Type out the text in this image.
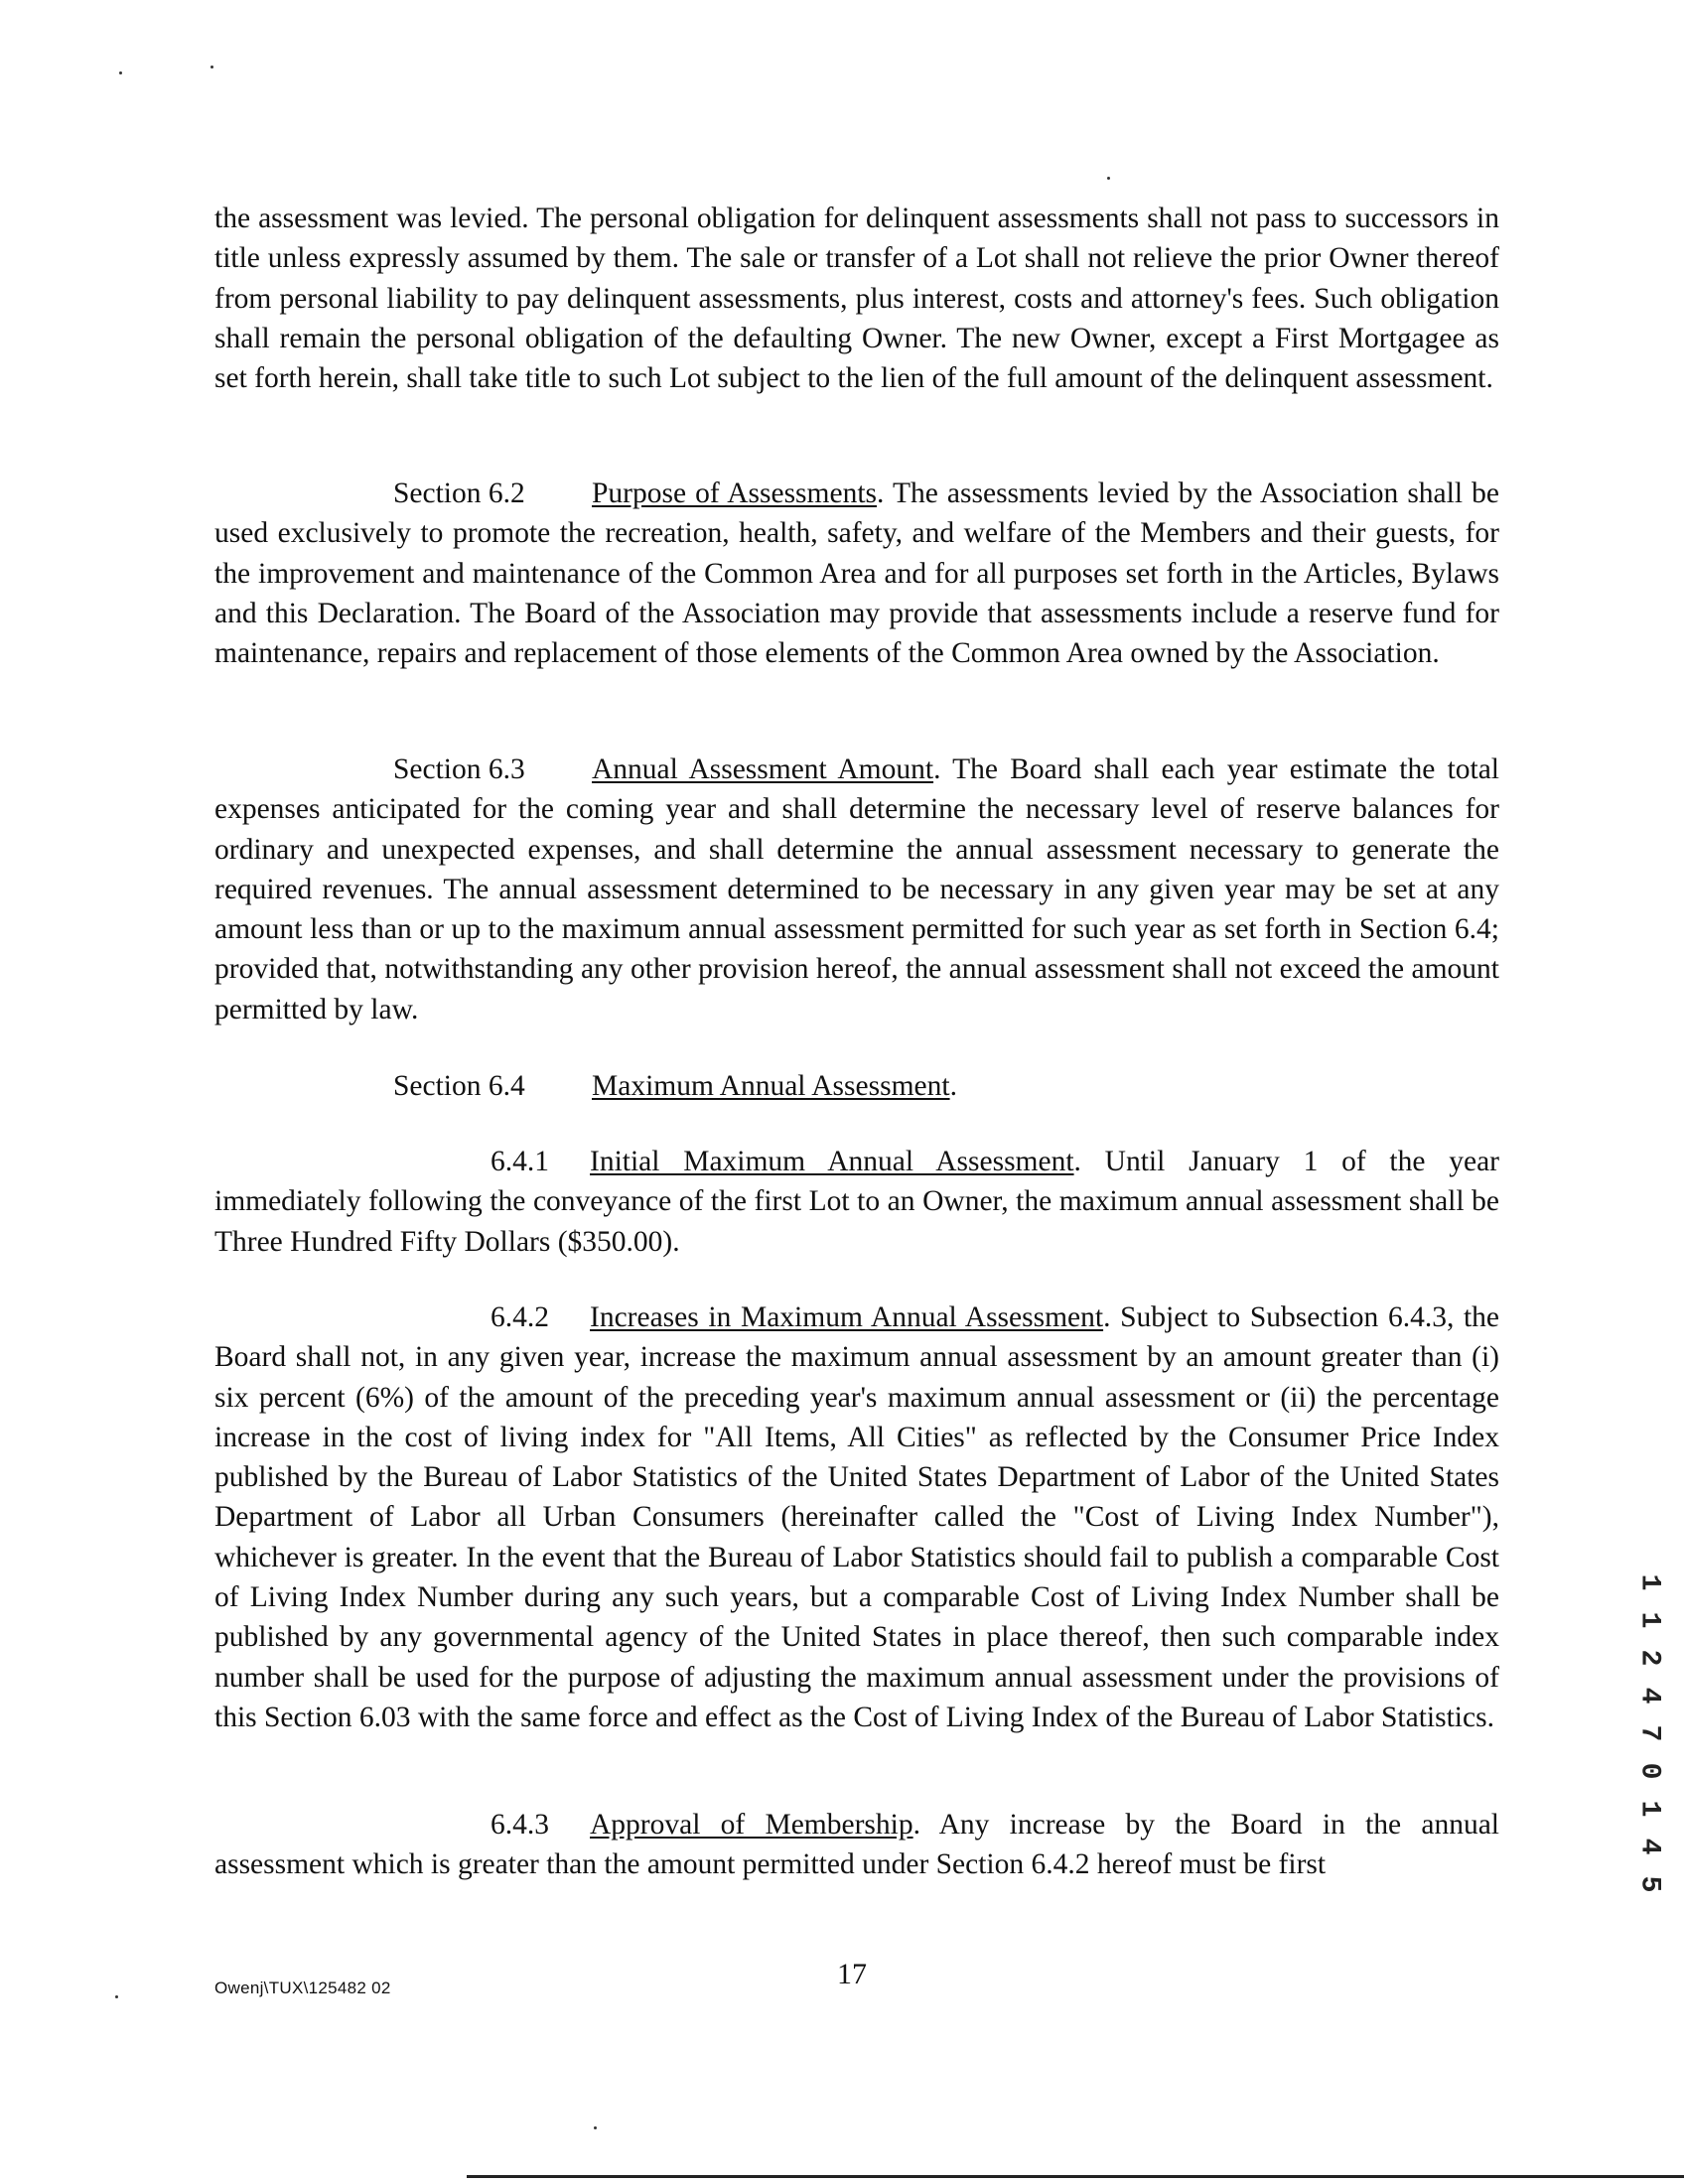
the assessment was levied. The personal obligation for delinquent assessments shall not pass to successors in title unless expressly assumed by them. The sale or transfer of a Lot shall not relieve the prior Owner thereof from personal liability to pay delinquent assessments, plus interest, costs and attorney's fees. Such obligation shall remain the personal obligation of the defaulting Owner. The new Owner, except a First Mortgagee as set forth herein, shall take title to such Lot subject to the lien of the full amount of the delinquent assessment.

Section 6.2 Purpose of Assessments. The assessments levied by the Association shall be used exclusively to promote the recreation, health, safety, and welfare of the Members and their guests, for the improvement and maintenance of the Common Area and for all purposes set forth in the Articles, Bylaws and this Declaration. The Board of the Association may provide that assessments include a reserve fund for maintenance, repairs and replacement of those elements of the Common Area owned by the Association.

Section 6.3 Annual Assessment Amount. The Board shall each year estimate the total expenses anticipated for the coming year and shall determine the necessary level of reserve balances for ordinary and unexpected expenses, and shall determine the annual assessment necessary to generate the required revenues. The annual assessment determined to be necessary in any given year may be set at any amount less than or up to the maximum annual assessment permitted for such year as set forth in Section 6.4; provided that, notwithstanding any other provision hereof, the annual assessment shall not exceed the amount permitted by law.

Section 6.4 Maximum Annual Assessment.

6.4.1 Initial Maximum Annual Assessment. Until January 1 of the year immediately following the conveyance of the first Lot to an Owner, the maximum annual assessment shall be Three Hundred Fifty Dollars ($350.00).

6.4.2 Increases in Maximum Annual Assessment. Subject to Subsection 6.4.3, the Board shall not, in any given year, increase the maximum annual assessment by an amount greater than (i) six percent (6%) of the amount of the preceding year's maximum annual assessment or (ii) the percentage increase in the cost of living index for "All Items, All Cities" as reflected by the Consumer Price Index published by the Bureau of Labor Statistics of the United States Department of Labor of the United States Department of Labor all Urban Consumers (hereinafter called the "Cost of Living Index Number"), whichever is greater. In the event that the Bureau of Labor Statistics should fail to publish a comparable Cost of Living Index Number during any such years, but a comparable Cost of Living Index Number shall be published by any governmental agency of the United States in place thereof, then such comparable index number shall be used for the purpose of adjusting the maximum annual assessment under the provisions of this Section 6.03 with the same force and effect as the Cost of Living Index of the Bureau of Labor Statistics.

6.4.3 Approval of Membership. Any increase by the Board in the annual assessment which is greater than the amount permitted under Section 6.4.2 hereof must be first

Owenj\TUX\125482 02	17
1
1
2
4
7
0
1
4
5
